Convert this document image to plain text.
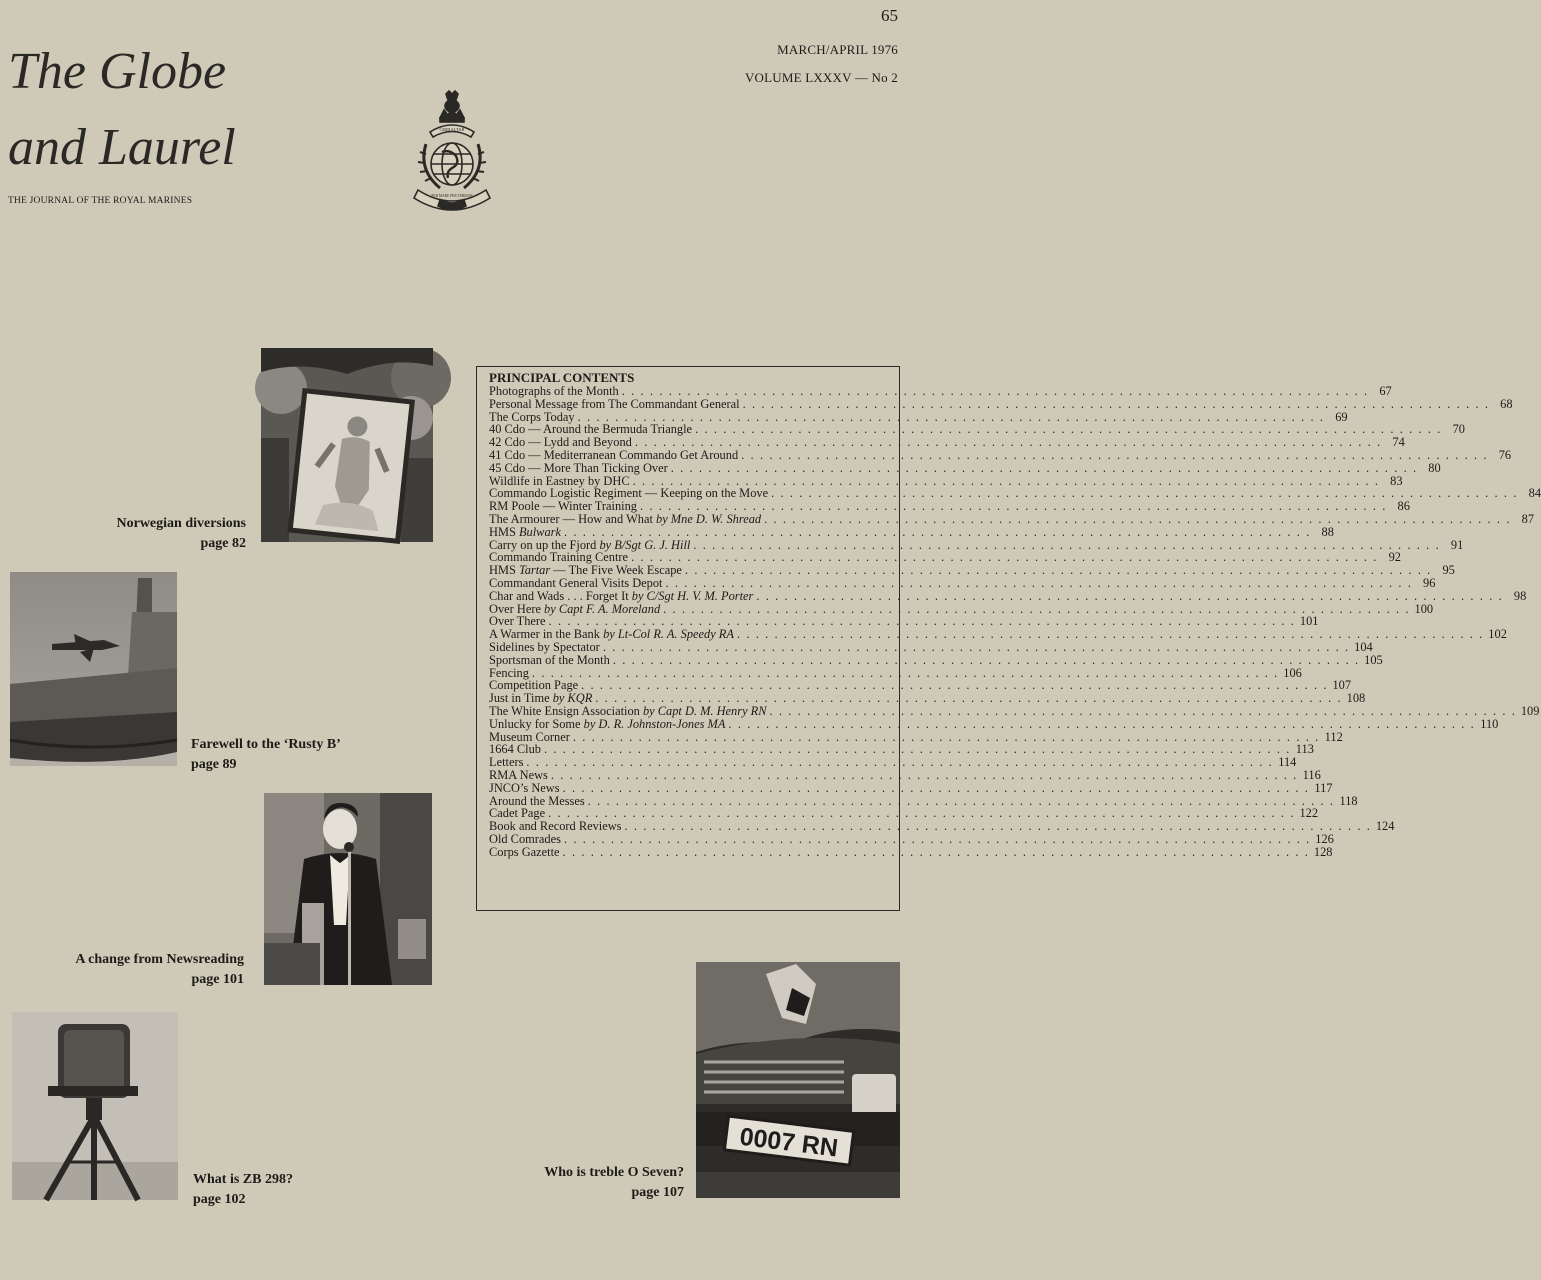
65
MARCH/APRIL 1976
VOLUME LXXXV — No 2
The Globe
and Laurel
THE JOURNAL OF THE ROYAL MARINES
GIBRALTAR
PER MARE PER TERRAM
Norwegian diversions
page 82
Farewell to the ‘Rusty B’
page 89
A change from Newsreading
page 101
What is ZB 298?
page 102
0007 RN
Who is treble O Seven?
page 107
PRINCIPAL CONTENTS
Photographs of the Month . . . . . . . . . . . . . . . . . . . . . . . . . . . . . . . . . . . . . . . . . . . . . . . . . . . . . . . . . . . . . . . . . . . . . . . . . . . . . . . . 67
Personal Message from The Commandant General . . . . . . . . . . . . . . . . . . . . . . . . . . . . . . . . . . . . . . . . . . . . . . . . . . . . . . . . . . . . . . . . . . . . . . . . . . . . . . . . 68
The Corps Today . . . . . . . . . . . . . . . . . . . . . . . . . . . . . . . . . . . . . . . . . . . . . . . . . . . . . . . . . . . . . . . . . . . . . . . . . . . . . . . . 69
40 Cdo — Around the Bermuda Triangle . . . . . . . . . . . . . . . . . . . . . . . . . . . . . . . . . . . . . . . . . . . . . . . . . . . . . . . . . . . . . . . . . . . . . . . . . . . . . . . . 70
42 Cdo — Lydd and Beyond . . . . . . . . . . . . . . . . . . . . . . . . . . . . . . . . . . . . . . . . . . . . . . . . . . . . . . . . . . . . . . . . . . . . . . . . . . . . . . . . 74
41 Cdo — Mediterranean Commando Get Around . . . . . . . . . . . . . . . . . . . . . . . . . . . . . . . . . . . . . . . . . . . . . . . . . . . . . . . . . . . . . . . . . . . . . . . . . . . . . . . . 76
45 Cdo — More Than Ticking Over . . . . . . . . . . . . . . . . . . . . . . . . . . . . . . . . . . . . . . . . . . . . . . . . . . . . . . . . . . . . . . . . . . . . . . . . . . . . . . . . 80
Wildlife in Eastney by DHC . . . . . . . . . . . . . . . . . . . . . . . . . . . . . . . . . . . . . . . . . . . . . . . . . . . . . . . . . . . . . . . . . . . . . . . . . . . . . . . . 83
Commando Logistic Regiment — Keeping on the Move . . . . . . . . . . . . . . . . . . . . . . . . . . . . . . . . . . . . . . . . . . . . . . . . . . . . . . . . . . . . . . . . . . . . . . . . . . . . . . . . 84
RM Poole — Winter Training . . . . . . . . . . . . . . . . . . . . . . . . . . . . . . . . . . . . . . . . . . . . . . . . . . . . . . . . . . . . . . . . . . . . . . . . . . . . . . . . 86
The Armourer — How and What by Mne D. W. Shread . . . . . . . . . . . . . . . . . . . . . . . . . . . . . . . . . . . . . . . . . . . . . . . . . . . . . . . . . . . . . . . . . . . . . . . . . . . . . . . . 87
HMS Bulwark . . . . . . . . . . . . . . . . . . . . . . . . . . . . . . . . . . . . . . . . . . . . . . . . . . . . . . . . . . . . . . . . . . . . . . . . . . . . . . . . 88
Carry on up the Fjord by B/Sgt G. J. Hill . . . . . . . . . . . . . . . . . . . . . . . . . . . . . . . . . . . . . . . . . . . . . . . . . . . . . . . . . . . . . . . . . . . . . . . . . . . . . . . . 91
Commando Training Centre . . . . . . . . . . . . . . . . . . . . . . . . . . . . . . . . . . . . . . . . . . . . . . . . . . . . . . . . . . . . . . . . . . . . . . . . . . . . . . . . 92
HMS Tartar — The Five Week Escape . . . . . . . . . . . . . . . . . . . . . . . . . . . . . . . . . . . . . . . . . . . . . . . . . . . . . . . . . . . . . . . . . . . . . . . . . . . . . . . . 95
Commandant General Visits Depot . . . . . . . . . . . . . . . . . . . . . . . . . . . . . . . . . . . . . . . . . . . . . . . . . . . . . . . . . . . . . . . . . . . . . . . . . . . . . . . . 96
Char and Wads . . . Forget It by C/Sgt H. V. M. Porter . . . . . . . . . . . . . . . . . . . . . . . . . . . . . . . . . . . . . . . . . . . . . . . . . . . . . . . . . . . . . . . . . . . . . . . . . . . . . . . . 98
Over Here by Capt F. A. Moreland . . . . . . . . . . . . . . . . . . . . . . . . . . . . . . . . . . . . . . . . . . . . . . . . . . . . . . . . . . . . . . . . . . . . . . . . . . . . . . . . 100
Over There . . . . . . . . . . . . . . . . . . . . . . . . . . . . . . . . . . . . . . . . . . . . . . . . . . . . . . . . . . . . . . . . . . . . . . . . . . . . . . . . 101
A Warmer in the Bank by Lt-Col R. A. Speedy RA . . . . . . . . . . . . . . . . . . . . . . . . . . . . . . . . . . . . . . . . . . . . . . . . . . . . . . . . . . . . . . . . . . . . . . . . . . . . . . . . 102
Sidelines by Spectator . . . . . . . . . . . . . . . . . . . . . . . . . . . . . . . . . . . . . . . . . . . . . . . . . . . . . . . . . . . . . . . . . . . . . . . . . . . . . . . . 104
Sportsman of the Month . . . . . . . . . . . . . . . . . . . . . . . . . . . . . . . . . . . . . . . . . . . . . . . . . . . . . . . . . . . . . . . . . . . . . . . . . . . . . . . . 105
Fencing . . . . . . . . . . . . . . . . . . . . . . . . . . . . . . . . . . . . . . . . . . . . . . . . . . . . . . . . . . . . . . . . . . . . . . . . . . . . . . . . 106
Competition Page . . . . . . . . . . . . . . . . . . . . . . . . . . . . . . . . . . . . . . . . . . . . . . . . . . . . . . . . . . . . . . . . . . . . . . . . . . . . . . . . 107
Just in Time by KQR . . . . . . . . . . . . . . . . . . . . . . . . . . . . . . . . . . . . . . . . . . . . . . . . . . . . . . . . . . . . . . . . . . . . . . . . . . . . . . . . 108
The White Ensign Association by Capt D. M. Henry RN . . . . . . . . . . . . . . . . . . . . . . . . . . . . . . . . . . . . . . . . . . . . . . . . . . . . . . . . . . . . . . . . . . . . . . . . . . . . . . . . 109
Unlucky for Some by D. R. Johnston-Jones MA . . . . . . . . . . . . . . . . . . . . . . . . . . . . . . . . . . . . . . . . . . . . . . . . . . . . . . . . . . . . . . . . . . . . . . . . . . . . . . . . 110
Museum Corner . . . . . . . . . . . . . . . . . . . . . . . . . . . . . . . . . . . . . . . . . . . . . . . . . . . . . . . . . . . . . . . . . . . . . . . . . . . . . . . . 112
1664 Club . . . . . . . . . . . . . . . . . . . . . . . . . . . . . . . . . . . . . . . . . . . . . . . . . . . . . . . . . . . . . . . . . . . . . . . . . . . . . . . . 113
Letters . . . . . . . . . . . . . . . . . . . . . . . . . . . . . . . . . . . . . . . . . . . . . . . . . . . . . . . . . . . . . . . . . . . . . . . . . . . . . . . . 114
RMA News . . . . . . . . . . . . . . . . . . . . . . . . . . . . . . . . . . . . . . . . . . . . . . . . . . . . . . . . . . . . . . . . . . . . . . . . . . . . . . . . 116
JNCO’s News . . . . . . . . . . . . . . . . . . . . . . . . . . . . . . . . . . . . . . . . . . . . . . . . . . . . . . . . . . . . . . . . . . . . . . . . . . . . . . . . 117
Around the Messes . . . . . . . . . . . . . . . . . . . . . . . . . . . . . . . . . . . . . . . . . . . . . . . . . . . . . . . . . . . . . . . . . . . . . . . . . . . . . . . . 118
Cadet Page . . . . . . . . . . . . . . . . . . . . . . . . . . . . . . . . . . . . . . . . . . . . . . . . . . . . . . . . . . . . . . . . . . . . . . . . . . . . . . . . 122
Book and Record Reviews . . . . . . . . . . . . . . . . . . . . . . . . . . . . . . . . . . . . . . . . . . . . . . . . . . . . . . . . . . . . . . . . . . . . . . . . . . . . . . . . 124
Old Comrades . . . . . . . . . . . . . . . . . . . . . . . . . . . . . . . . . . . . . . . . . . . . . . . . . . . . . . . . . . . . . . . . . . . . . . . . . . . . . . . . 126
Corps Gazette . . . . . . . . . . . . . . . . . . . . . . . . . . . . . . . . . . . . . . . . . . . . . . . . . . . . . . . . . . . . . . . . . . . . . . . . . . . . . . . . 128
